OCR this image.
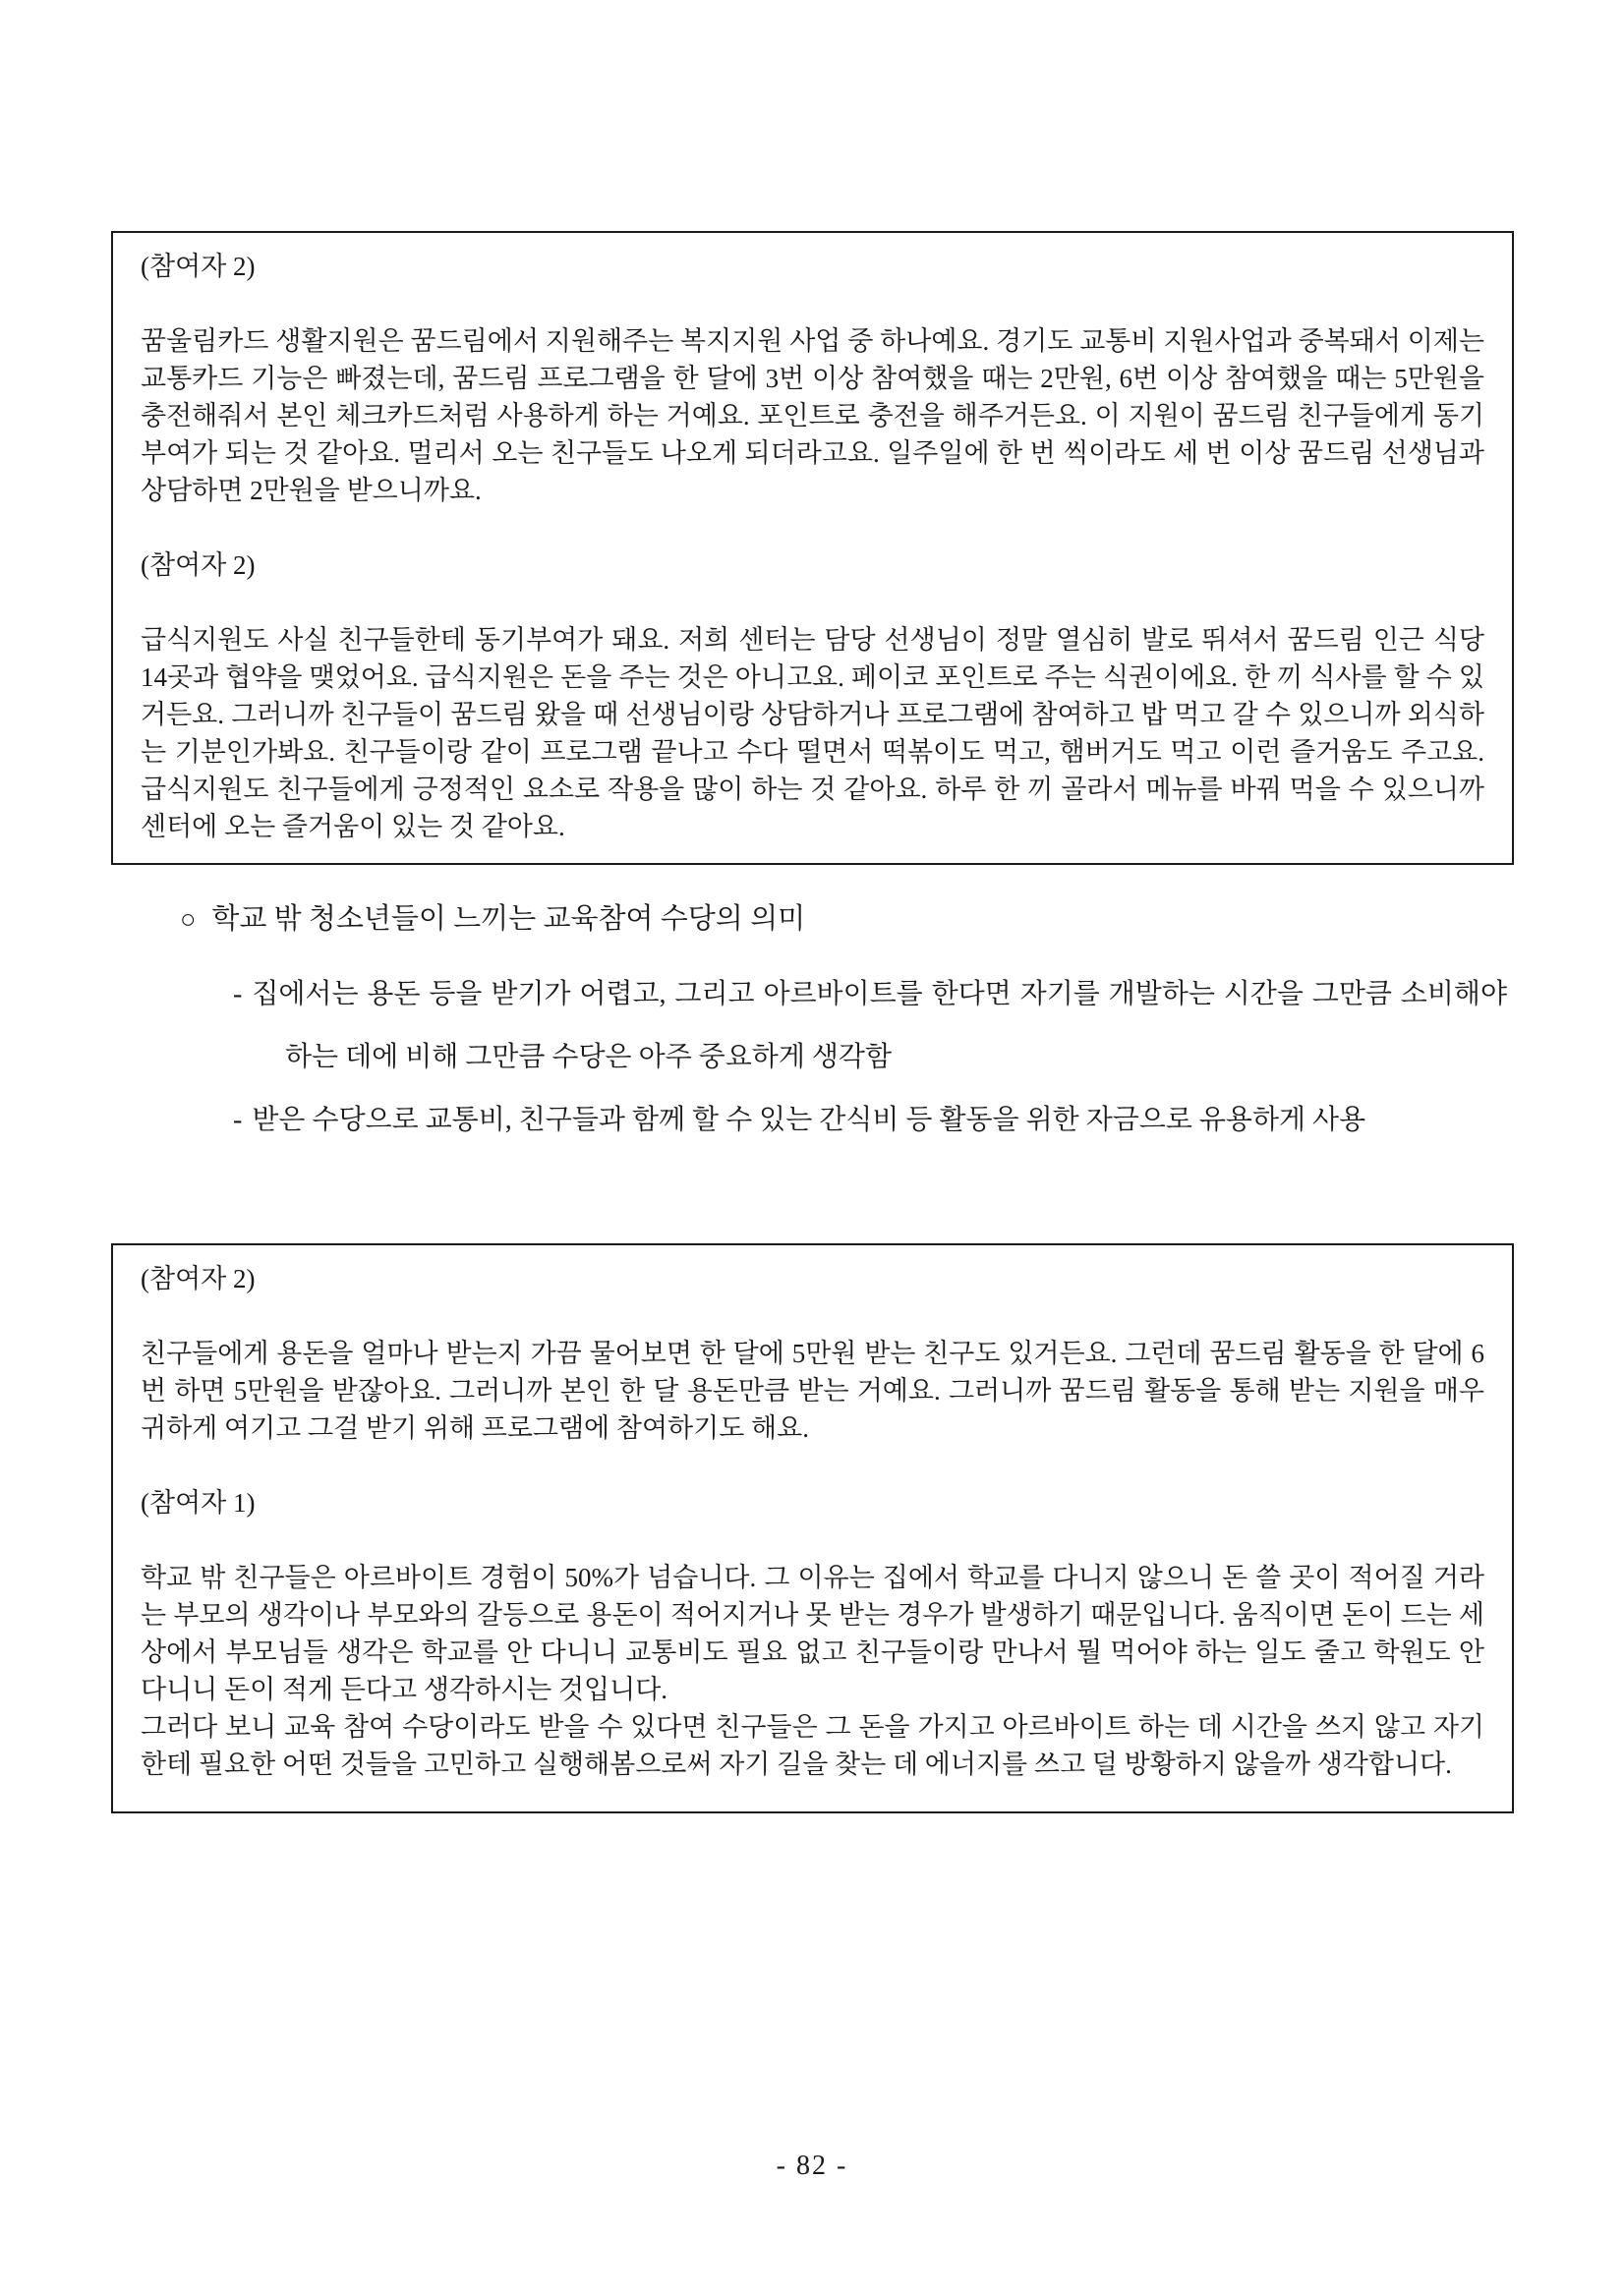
(참여자 2)
꿈울림카드 생활지원은 꿈드림에서 지원해주는 복지지원 사업 중 하나예요. 경기도 교통비 지원사업과 중복돼서 이제는 교통카드 기능은 빠졌는데, 꿈드림 프로그램을 한 달에 3번 이상 참여했을 때는 2만원, 6번 이상 참여했을 때는 5만원을 충전해줘서 본인 체크카드처럼 사용하게 하는 거예요. 포인트로 충전을 해주거든요. 이 지원이 꿈드림 친구들에게 동기부여가 되는 것 같아요. 멀리서 오는 친구들도 나오게 되더라고요. 일주일에 한 번 씩이라도 세 번 이상 꿈드림 선생님과 상담하면 2만원을 받으니까요.
(참여자 2)
급식지원도 사실 친구들한테 동기부여가 돼요. 저희 센터는 담당 선생님이 정말 열심히 발로 뛰셔서 꿈드림 인근 식당 14곳과 협약을 맺었어요. 급식지원은 돈을 주는 것은 아니고요. 페이코 포인트로 주는 식권이에요. 한 끼 식사를 할 수 있거든요. 그러니까 친구들이 꿈드림 왔을 때 선생님이랑 상담하거나 프로그램에 참여하고 밥 먹고 갈 수 있으니까 외식하는 기분인가봐요. 친구들이랑 같이 프로그램 끝나고 수다 떨면서 떡볶이도 먹고, 햄버거도 먹고 이런 즐거움도 주고요. 급식지원도 친구들에게 긍정적인 요소로 작용을 많이 하는 것 같아요. 하루 한 끼 골라서 메뉴를 바꿔 먹을 수 있으니까 센터에 오는 즐거움이 있는 것 같아요.
○ 학교 밖 청소년들이 느끼는 교육참여 수당의 의미
- 집에서는 용돈 등을 받기가 어렵고, 그리고 아르바이트를 한다면 자기를 개발하는 시간을 그만큼 소비해야 하는 데에 비해 그만큼 수당은 아주 중요하게 생각함
- 받은 수당으로 교통비, 친구들과 함께 할 수 있는 간식비 등 활동을 위한 자금으로 유용하게 사용
(참여자 2)
친구들에게 용돈을 얼마나 받는지 가끔 물어보면 한 달에 5만원 받는 친구도 있거든요. 그런데 꿈드림 활동을 한 달에 6번 하면 5만원을 받잖아요. 그러니까 본인 한 달 용돈만큼 받는 거예요. 그러니까 꿈드림 활동을 통해 받는 지원을 매우 귀하게 여기고 그걸 받기 위해 프로그램에 참여하기도 해요.
(참여자 1)
학교 밖 친구들은 아르바이트 경험이 50%가 넘습니다. 그 이유는 집에서 학교를 다니지 않으니 돈 쓸 곳이 적어질 거라는 부모의 생각이나 부모와의 갈등으로 용돈이 적어지거나 못 받는 경우가 발생하기 때문입니다. 움직이면 돈이 드는 세상에서 부모님들 생각은 학교를 안 다니니 교통비도 필요 없고 친구들이랑 만나서 뭘 먹어야 하는 일도 줄고 학원도 안 다니니 돈이 적게 든다고 생각하시는 것입니다.
그러다 보니 교육 참여 수당이라도 받을 수 있다면 친구들은 그 돈을 가지고 아르바이트 하는 데 시간을 쓰지 않고 자기한테 필요한 어떤 것들을 고민하고 실행해봄으로써 자기 길을 찾는 데 에너지를 쓰고 덜 방황하지 않을까 생각합니다.
- 82 -
